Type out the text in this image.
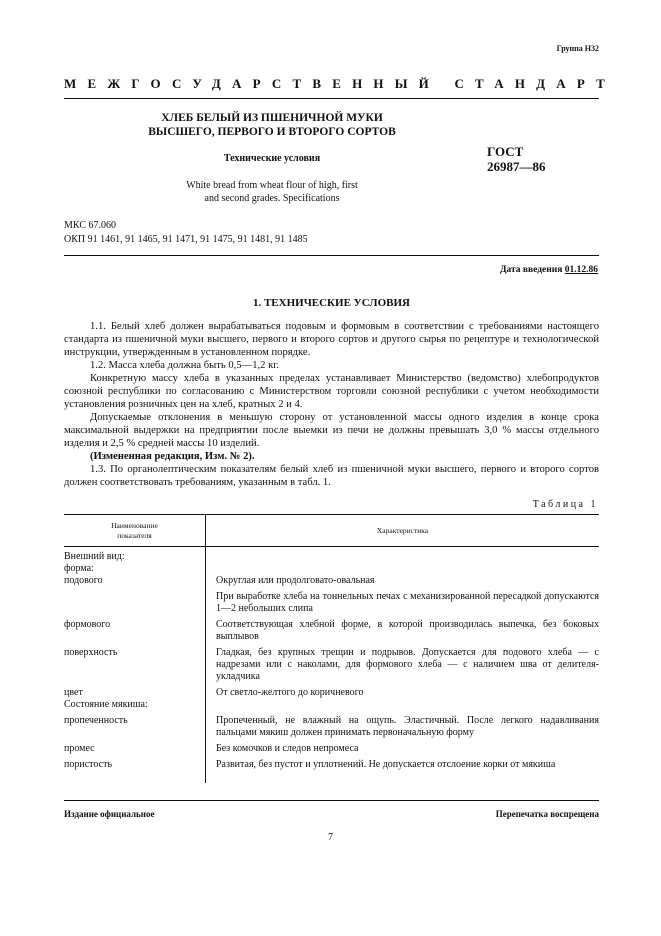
Группа Н32
МЕЖГОСУДАРСТВЕННЫЙ СТАНДАРТ
ХЛЕБ БЕЛЫЙ ИЗ ПШЕНИЧНОЙ МУКИ
ВЫСШЕГО, ПЕРВОГО И ВТОРОГО СОРТОВ
Технические условия	ГОСТ
26987—86
White bread from wheat flour of high, first
and second grades. Specifications
МКС 67.060
ОКП 91 1461, 91 1465, 91 1471, 91 1475, 91 1481, 91 1485
Дата введения 01.12.86
1. ТЕХНИЧЕСКИЕ УСЛОВИЯ

1.1. Белый хлеб должен вырабатываться подовым и формовым в соответствии с требованиями настоящего стандарта из пшеничной муки высшего, первого и второго сортов и другого сырья по рецептуре и технологической инструкции, утвержденным в установленном порядке.

1.2. Масса хлеба должна быть 0,5—1,2 кг.

Конкретную массу хлеба в указанных пределах устанавливает Министерство (ведомство) хлебопродуктов союзной республики по согласованию с Министерством торговли союзной республики с учетом необходимости установления розничных цен на хлеб, кратных 2 и 4.

Допускаемые отклонения в меньшую сторону от установленной массы одного изделия в конце срока максимальной выдержки на предприятии после выемки из печи не должны превышать 3,0 % массы отдельного изделия и 2,5 % средней массы 10 изделий.

(Измененная редакция, Изм. № 2).

1.3. По органолептическим показателям белый хлеб из пшеничной муки высшего, первого и второго сортов должен соответствовать требованиям, указанным в табл. 1.

Таблица 1
Наименование
показателя	Характеристика
Внешний вид:	
форма:	
подового	Округлая или продолговато-овальная
	При выработке хлеба на тоннельных печах с механизированной пересадкой допускаются 1—2 небольших слипа
формового	Соответствующая хлебной форме, в которой производилась выпечка, без боковых выплывов
поверхность	Гладкая, без крупных трещин и подрывов. Допускается для подового хлеба — с надрезами или с наколами, для формового хлеба — с наличием шва от делителя-укладчика
цвет	От светло-желтого до коричневого
Состояние мякиша:	
пропеченность	Пропеченный, не влажный на ощупь. Эластичный. После легкого надавливания пальцами мякиш должен принимать первоначальную форму
промес	Без комочков и следов непромеса
пористость	Развитая, без пустот и уплотнений. Не допускается отслоение корки от мякиша

Издание официальное	Перепечатка воспрещена
7
